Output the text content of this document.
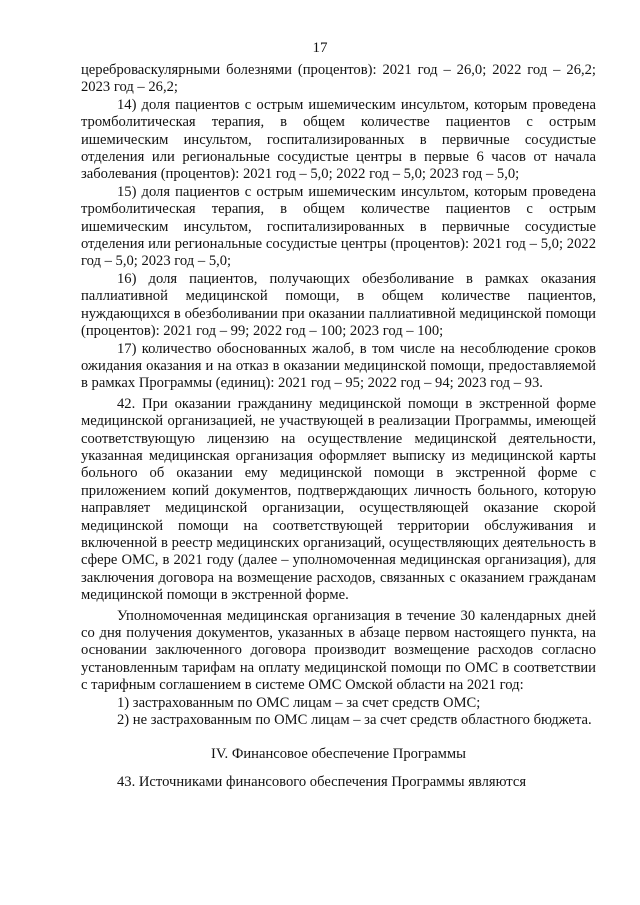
17

цереброваскулярными болезнями (процентов): 2021 год – 26,0; 2022 год – 26,2; 2023 год – 26,2;

14) доля пациентов с острым ишемическим инсультом, которым проведена тромболитическая терапия, в общем количестве пациентов с острым ишемическим инсультом, госпитализированных в первичные сосудистые отделения или региональные сосудистые центры в первые 6 часов от начала заболевания (процентов): 2021 год – 5,0; 2022 год – 5,0; 2023 год – 5,0;

15) доля пациентов с острым ишемическим инсультом, которым проведена тромболитическая терапия, в общем количестве пациентов с острым ишемическим инсультом, госпитализированных в первичные сосудистые отделения или региональные сосудистые центры (процентов): 2021 год – 5,0; 2022 год – 5,0; 2023 год – 5,0;

16) доля пациентов, получающих обезболивание в рамках оказания паллиативной медицинской помощи, в общем количестве пациентов, нуждающихся в обезболивании при оказании паллиативной медицинской помощи (процентов): 2021 год – 99; 2022 год – 100; 2023 год – 100;

17) количество обоснованных жалоб, в том числе на несоблюдение сроков ожидания оказания и на отказ в оказании медицинской помощи, предоставляемой в рамках Программы (единиц): 2021 год – 95; 2022 год – 94; 2023 год – 93.

42. При оказании гражданину медицинской помощи в экстренной форме медицинской организацией, не участвующей в реализации Программы, имеющей соответствующую лицензию на осуществление медицинской деятельности, указанная медицинская организация оформляет выписку из медицинской карты больного об оказании ему медицинской помощи в экстренной форме с приложением копий документов, подтверждающих личность больного, которую направляет медицинской организации, осуществляющей оказание скорой медицинской помощи на соответствующей территории обслуживания и включенной в реестр медицинских организаций, осуществляющих деятельность в сфере ОМС, в 2021 году (далее – уполномоченная медицинская организация), для заключения договора на возмещение расходов, связанных с оказанием гражданам медицинской помощи в экстренной форме.

Уполномоченная медицинская организация в течение 30 календарных дней со дня получения документов, указанных в абзаце первом настоящего пункта, на основании заключенного договора производит возмещение расходов согласно установленным тарифам на оплату медицинской помощи по ОМС в соответствии с тарифным соглашением в системе ОМС Омской области на 2021 год:

1) застрахованным по ОМС лицам – за счет средств ОМС;

2) не застрахованным по ОМС лицам – за счет средств областного бюджета.

IV. Финансовое обеспечение Программы

43. Источниками финансового обеспечения Программы являются
